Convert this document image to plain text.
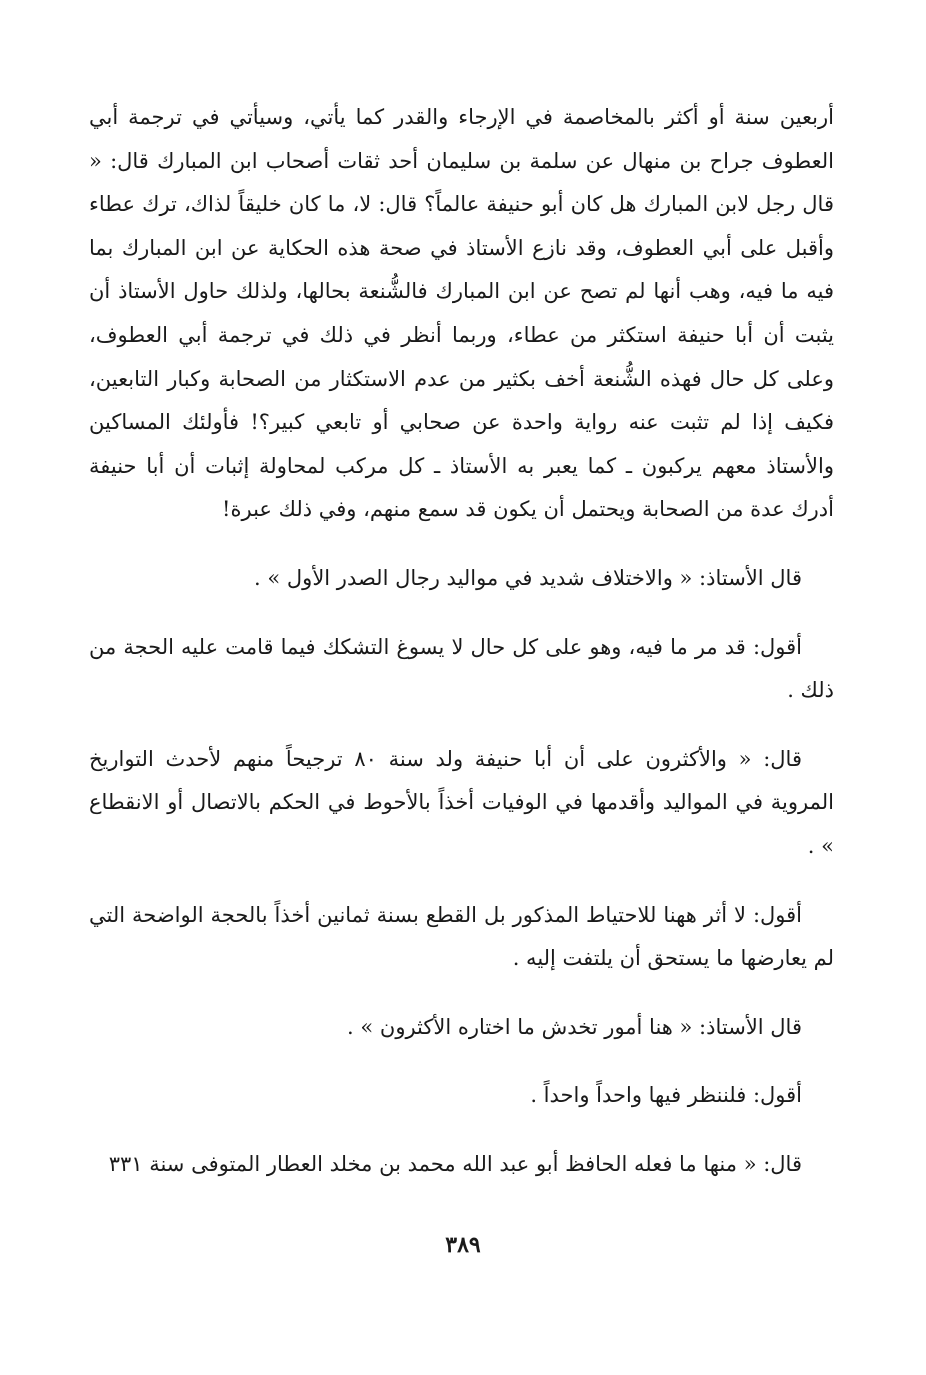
أربعين سنة أو أكثر بالمخاصمة في الإرجاء والقدر كما يأتي، وسيأتي في ترجمة أبي العطوف جراح بن منهال عن سلمة بن سليمان أحد ثقات أصحاب ابن المبارك قال: « قال رجل لابن المبارك هل كان أبو حنيفة عالماً؟ قال: لا، ما كان خليقاً لذاك، ترك عطاء وأقبل على أبي العطوف، وقد نازع الأستاذ في صحة هذه الحكاية عن ابن المبارك بما فيه ما فيه، وهب أنها لم تصح عن ابن المبارك فالشُّنعة بحالها، ولذلك حاول الأستاذ أن يثبت أن أبا حنيفة استكثر من عطاء، وربما أنظر في ذلك في ترجمة أبي العطوف، وعلى كل حال فهذه الشُّنعة أخف بكثير من عدم الاستكثار من الصحابة وكبار التابعين، فكيف إذا لم تثبت عنه رواية واحدة عن صحابي أو تابعي كبير؟! فأولئك المساكين والأستاذ معهم يركبون ـ كما يعبر به الأستاذ ـ كل مركب لمحاولة إثبات أن أبا حنيفة أدرك عدة من الصحابة ويحتمل أن يكون قد سمع منهم، وفي ذلك عبرة!

قال الأستاذ: « والاختلاف شديد في مواليد رجال الصدر الأول » .

أقول: قد مر ما فيه، وهو على كل حال لا يسوغ التشكك فيما قامت عليه الحجة من ذلك .

قال: « والأكثرون على أن أبا حنيفة ولد سنة ٨٠ ترجيحاً منهم لأحدث التواريخ المروية في المواليد وأقدمها في الوفيات أخذاً بالأحوط في الحكم بالاتصال أو الانقطاع » .

أقول: لا أثر ههنا للاحتياط المذكور بل القطع بسنة ثمانين أخذاً بالحجة الواضحة التي لم يعارضها ما يستحق أن يلتفت إليه .

قال الأستاذ: « هنا أمور تخدش ما اختاره الأكثرون » .

أقول: فلننظر فيها واحداً واحداً .

قال: « منها ما فعله الحافظ أبو عبد الله محمد بن مخلد العطار المتوفى سنة ٣٣١

٣٨٩
